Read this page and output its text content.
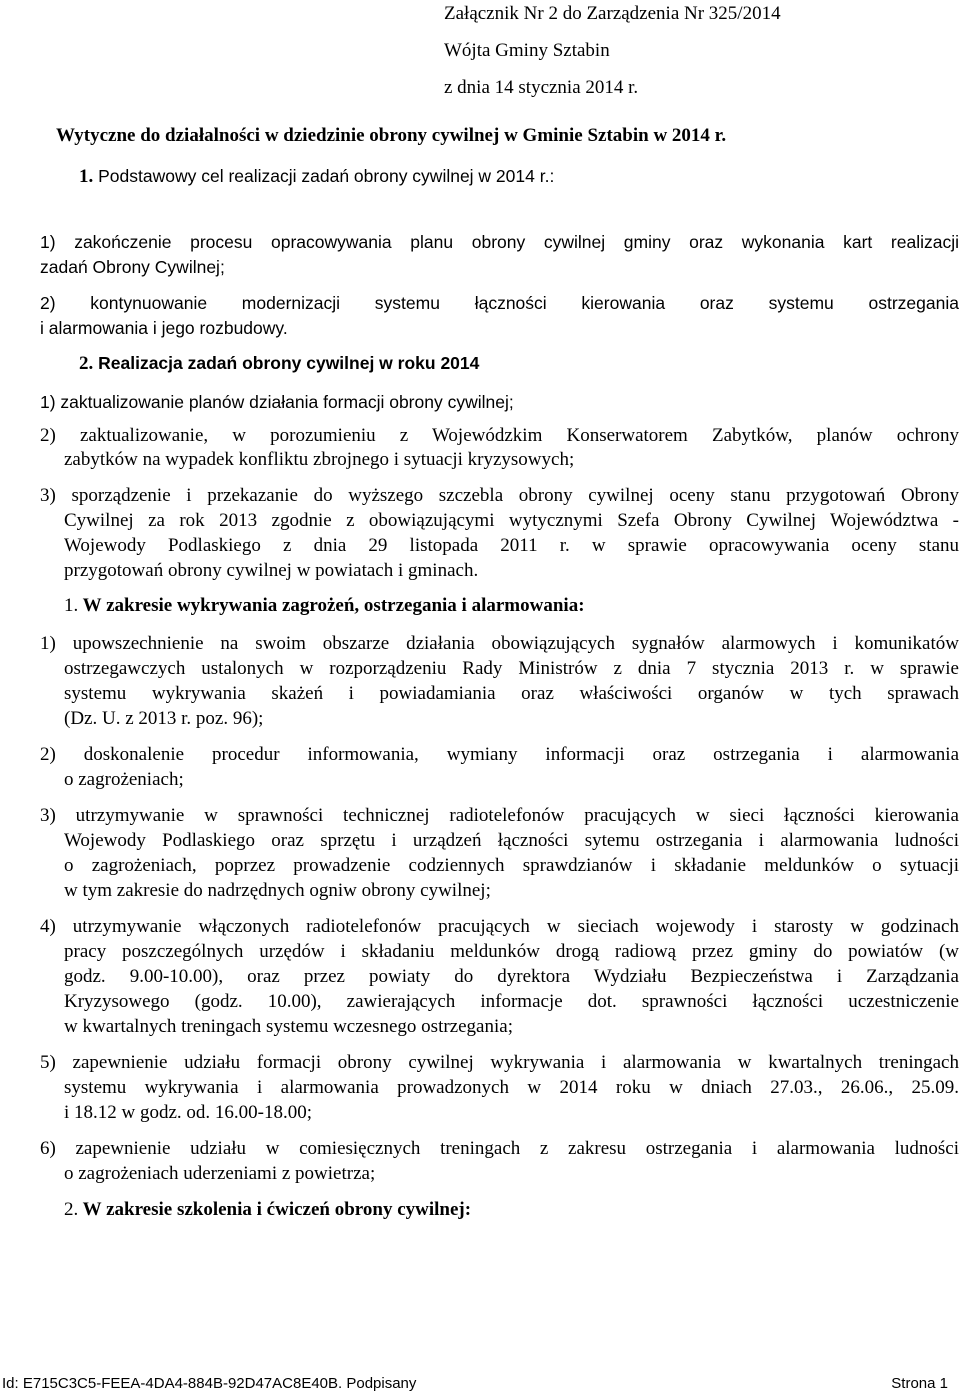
Załącznik Nr 2 do Zarządzenia Nr 325/2014
Wójta Gminy Sztabin
z dnia 14 stycznia 2014 r.
Wytyczne do działalności w dziedzinie obrony cywilnej w Gminie Sztabin w 2014 r.
1. Podstawowy cel realizacji zadań obrony cywilnej w 2014 r.:
1) zakończenie procesu opracowywania planu obrony cywilnej gminy oraz wykonania kart realizacji
zadań Obrony Cywilnej;
2) kontynuowanie modernizacji systemu łączności kierowania oraz systemu ostrzegania
i alarmowania i jego rozbudowy.
2. Realizacja zadań obrony cywilnej w roku 2014
1) zaktualizowanie planów działania formacji obrony cywilnej;
2) zaktualizowanie, w porozumieniu z Wojewódzkim Konserwatorem Zabytków, planów ochrony
zabytków na wypadek konfliktu zbrojnego i sytuacji kryzysowych;
3) sporządzenie i przekazanie do wyższego szczebla obrony cywilnej oceny stanu przygotowań Obrony
Cywilnej za rok 2013 zgodnie z obowiązującymi wytycznymi Szefa Obrony Cywilnej Województwa -
Wojewody Podlaskiego z dnia 29 listopada 2011 r. w sprawie opracowywania oceny stanu
przygotowań obrony cywilnej w powiatach i gminach.
1. W zakresie wykrywania zagrożeń, ostrzegania i alarmowania:
1) upowszechnienie na swoim obszarze działania obowiązujących sygnałów alarmowych i komunikatów
ostrzegawczych ustalonych w rozporządzeniu Rady Ministrów z dnia 7 stycznia 2013 r. w sprawie
systemu wykrywania skażeń i powiadamiania oraz właściwości organów w tych sprawach
(Dz. U. z 2013 r. poz. 96);
2) doskonalenie procedur informowania, wymiany informacji oraz ostrzegania i alarmowania
o zagrożeniach;
3) utrzymywanie w sprawności technicznej radiotelefonów pracujących w sieci łączności kierowania
Wojewody Podlaskiego oraz sprzętu i urządzeń łączności sytemu ostrzegania i alarmowania ludności
o zagrożeniach, poprzez prowadzenie codziennych sprawdzianów i składanie meldunków o sytuacji
w tym zakresie do nadrzędnych ogniw obrony cywilnej;
4) utrzymywanie włączonych radiotelefonów pracujących w sieciach wojewody i starosty w godzinach
pracy poszczególnych urzędów i składaniu meldunków drogą radiową przez gminy do powiatów (w
godz. 9.00-10.00), oraz przez powiaty do dyrektora Wydziału Bezpieczeństwa i Zarządzania
Kryzysowego (godz. 10.00), zawierających informacje dot. sprawności łączności uczestniczenie
w kwartalnych treningach systemu wczesnego ostrzegania;
5) zapewnienie udziału formacji obrony cywilnej wykrywania i alarmowania w kwartalnych treningach
systemu wykrywania i alarmowania prowadzonych w 2014 roku w dniach 27.03., 26.06., 25.09.
i 18.12 w godz. od. 16.00-18.00;
6) zapewnienie udziału w comiesięcznych treningach z zakresu ostrzegania i alarmowania ludności
o zagrożeniach uderzeniami z powietrza;
2. W zakresie szkolenia i ćwiczeń obrony cywilnej:
Id: E715C3C5-FEEA-4DA4-884B-92D47AC8E40B. Podpisany	Strona 1
